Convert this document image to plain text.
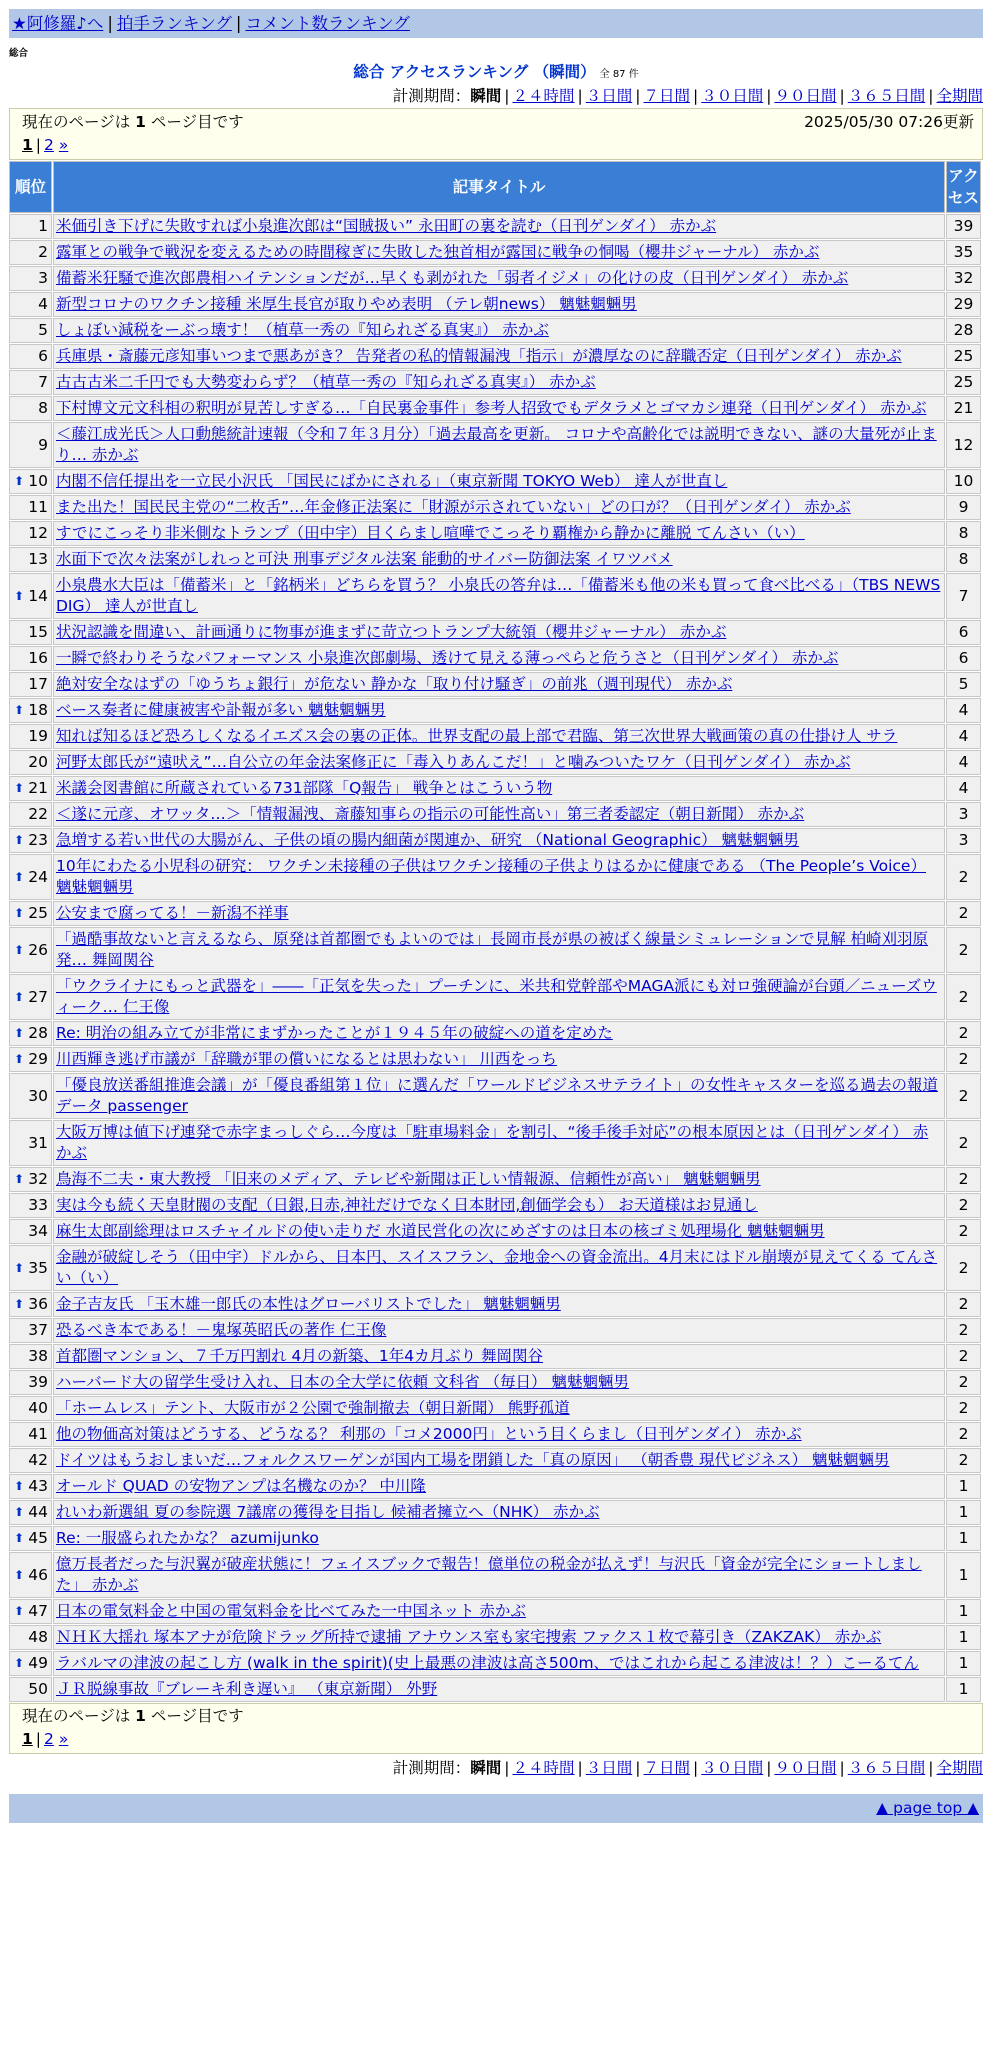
★阿修羅♪へ | 拍手ランキング | コメント数ランキング
総合
総合 アクセスランキング （瞬間） 全 87 件
計測期間：瞬間 | ２４時間 | ３日間 | ７日間 | ３０日間 | ９０日間 | ３６５日間 | 全期間
現在のページは 1 ページ目です	2025/05/30 07:26更新
1 | 2 »
順位	記事タイトル	アクセス
1	米価引き下げに失敗すれば小泉進次郎は“国賊扱い” 永田町の裏を読む（日刊ゲンダイ） 赤かぶ	39
2	露軍との戦争で戦況を変えるための時間稼ぎに失敗した独首相が露国に戦争の恫喝（櫻井ジャーナル） 赤かぶ	35
3	備蓄米狂騒で進次郎農相ハイテンションだが…早くも剥がれた「弱者イジメ」の化けの皮（日刊ゲンダイ） 赤かぶ	32
4	新型コロナのワクチン接種 米厚生長官が取りやめ表明 （テレ朝news） 魑魅魍魎男	29
5	しょぼい減税をーぶっ壊す！（植草一秀の『知られざる真実』） 赤かぶ	28
6	兵庫県・斎藤元彦知事いつまで悪あがき？ 告発者の私的情報漏洩「指示」が濃厚なのに辞職否定（日刊ゲンダイ） 赤かぶ	25
7	古古古米二千円でも大勢変わらず？（植草一秀の『知られざる真実』） 赤かぶ	25
8	下村博文元文科相の釈明が見苦しすぎる…「自民裏金事件」参考人招致でもデタラメとゴマカシ連発（日刊ゲンダイ） 赤かぶ	21
9	＜藤江成光氏＞人口動態統計速報（令和７年３月分）「過去最高を更新。 コロナや高齢化では説明できない、謎の大量死が止まり… 赤かぶ	12

⬆ 10	内閣不信任提出を一立民小沢氏 「国民にばかにされる」（東京新聞 TOKYO Web） 達人が世直し	10
11	また出た！国民民主党の“二枚舌”…年金修正法案に「財源が示されていない」どの口が？（日刊ゲンダイ） 赤かぶ	9
12	すでにこっそり非米側なトランプ（田中宇）目くらまし喧嘩でこっそり覇権から静かに離脱 てんさい（い）	8
13	水面下で次々法案がしれっと可決 刑事デジタル法案 能動的サイバー防御法案 イワツバメ	8

⬆ 14	小泉農水大臣は「備蓄米」と「銘柄米」どちらを買う？ 小泉氏の答弁は…「備蓄米も他の米も買って食べ比べる」（TBS NEWS DIG） 達人が世直し	7
15	状況認識を間違い、計画通りに物事が進まずに苛立つトランプ大統領（櫻井ジャーナル） 赤かぶ	6
16	一瞬で終わりそうなパフォーマンス 小泉進次郎劇場、透けて見える薄っぺらと危うさと（日刊ゲンダイ） 赤かぶ	6
17	絶対安全なはずの「ゆうちょ銀行」が危ない 静かな「取り付け騒ぎ」の前兆（週刊現代） 赤かぶ	5

⬆ 18	ベース奏者に健康被害や訃報が多い 魑魅魍魎男	4
19	知れば知るほど恐ろしくなるイエズス会の裏の正体。世界支配の最上部で君臨、第三次世界大戦画策の真の仕掛け人 サラ	4
20	河野太郎氏が“遠吠え”…自公立の年金法案修正に「毒入りあんこだ！」と噛みついたワケ（日刊ゲンダイ） 赤かぶ	4

⬆ 21	米議会図書館に所蔵されている731部隊「Q報告」 戦争とはこういう物	4
22	＜遂に元彦、オワッタ…＞「情報漏洩、斎藤知事らの指示の可能性高い」第三者委認定（朝日新聞） 赤かぶ	3

⬆ 23	急増する若い世代の大腸がん、子供の頃の腸内細菌が関連か、研究 （National Geographic） 魑魅魍魎男	3

⬆ 24	10年にわたる小児科の研究： ワクチン未接種の子供はワクチン接種の子供よりはるかに健康である （The People’s Voice） 魑魅魍魎男	2

⬆ 25	公安まで腐ってる！－新潟不祥事	2

⬆ 26	「過酷事故ないと言えるなら、原発は首都圏でもよいのでは」長岡市長が県の被ばく線量シミュレーションで見解 柏崎刈羽原発… 舞岡関谷	2

⬆ 27	「ウクライナにもっと武器を」――「正気を失った」プーチンに、米共和党幹部やMAGA派にも対ロ強硬論が台頭／ニューズウィーク… 仁王像	2

⬆ 28	Re: 明治の組み立てが非常にまずかったことが１９４５年の破綻への道を定めた	2

⬆ 29	川西輝き逃げ市議が「辞職が罪の償いになるとは思わない」 川西をっち	2
30	「優良放送番組推進会議」が「優良番組第１位」に選んだ「ワールドビジネスサテライト」の女性キャスターを巡る過去の報道データ passenger	2
31	大阪万博は値下げ連発で赤字まっしぐら…今度は「駐車場料金」を割引、“後手後手対応”の根本原因とは（日刊ゲンダイ） 赤かぶ	2

⬆ 32	鳥海不二夫・東大教授 「旧来のメディア、テレビや新聞は正しい情報源、信頼性が高い」 魑魅魍魎男	2
33	実は今も続く天皇財閥の支配（日銀,日赤,神社だけでなく日本財団,創価学会も） お天道様はお見通し	2
34	麻生太郎副総理はロスチャイルドの使い走りだ 水道民営化の次にめざすのは日本の核ゴミ処理場化 魑魅魍魎男	2

⬆ 35	金融が破綻しそう（田中宇）ドルから、日本円、スイスフラン、金地金への資金流出。4月末にはドル崩壊が見えてくる てんさい（い）	2

⬆ 36	金子吉友氏 「玉木雄一郎氏の本性はグローバリストでした」 魑魅魍魎男	2
37	恐るべき本である！－鬼塚英昭氏の著作 仁王像	2
38	首都圏マンション、７千万円割れ 4月の新築、1年4カ月ぶり 舞岡関谷	2
39	ハーバード大の留学生受け入れ、日本の全大学に依頼 文科省 （毎日） 魑魅魍魎男	2
40	「ホームレス」テント、大阪市が２公園で強制撤去（朝日新聞） 熊野孤道	2
41	他の物価高対策はどうする、どうなる？ 利那の「コメ2000円」という目くらまし（日刊ゲンダイ） 赤かぶ	2
42	ドイツはもうおしまいだ…フォルクスワーゲンが国内工場を閉鎖した「真の原因」 （朝香豊 現代ビジネス） 魑魅魍魎男	2

⬆ 43	オールド QUAD の安物アンプは名機なのか？ 中川隆	1

⬆ 44	れいわ新選組 夏の参院選 7議席の獲得を目指し 候補者擁立へ（NHK） 赤かぶ	1

⬆ 45	Re: 一服盛られたかな？ azumijunko	1

⬆ 46	億万長者だった与沢翼が破産状態に！フェイスブックで報告！億単位の税金が払えず！与沢氏「資金が完全にショートしました」 赤かぶ	1

⬆ 47	日本の電気料金と中国の電気料金を比べてみた一中国ネット 赤かぶ	1
48	ＮＨＫ大揺れ 塚本アナが危険ドラッグ所持で逮捕 アナウンス室も家宅捜索 ファクス１枚で幕引き（ZAKZAK） 赤かぶ	1

⬆ 49	ラバルマの津波の起こし方 (walk in the spirit)(史上最悪の津波は高さ500m、ではこれから起こる津波は！？）こーるてん	1
50	ＪＲ脱線事故『ブレーキ利き遅い』 （東京新聞） 外野	1
現在のページは 1 ページ目です
1 | 2 »
計測期間：瞬間 | ２４時間 | ３日間 | ７日間 | ３０日間 | ９０日間 | ３６５日間 | 全期間
▲ page top ▲
